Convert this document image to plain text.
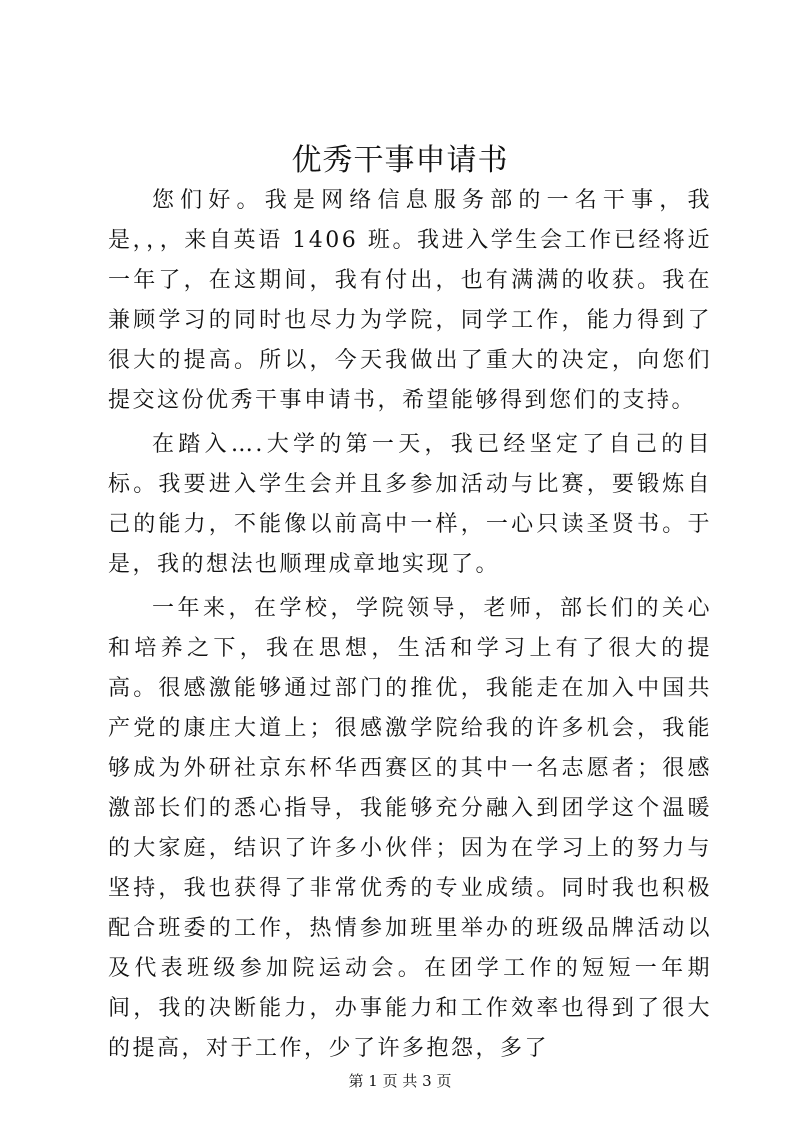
优秀干事申请书

您们好。我是网络信息服务部的一名干事，我是，，，来自英语 1406 班。我进入学生会工作已经将近一年了，在这期间，我有付出，也有满满的收获。我在兼顾学习的同时也尽力为学院，同学工作，能力得到了很大的提高。所以，今天我做出了重大的决定，向您们提交这份优秀干事申请书，希望能够得到您们的支持。

在踏入….大学的第一天，我已经坚定了自己的目标。我要进入学生会并且多参加活动与比赛，要锻炼自己的能力，不能像以前高中一样，一心只读圣贤书。于是，我的想法也顺理成章地实现了。

一年来，在学校，学院领导，老师，部长们的关心和培养之下，我在思想，生活和学习上有了很大的提高。很感激能够通过部门的推优，我能走在加入中国共产党的康庄大道上；很感激学院给我的许多机会，我能够成为外研社京东杯华西赛区的其中一名志愿者；很感激部长们的悉心指导，我能够充分融入到团学这个温暖的大家庭，结识了许多小伙伴；因为在学习上的努力与坚持，我也获得了非常优秀的专业成绩。同时我也积极配合班委的工作，热情参加班里举办的班级品牌活动以及代表班级参加院运动会。在团学工作的短短一年期间，我的决断能力，办事能力和工作效率也得到了很大的提高，对于工作，少了许多抱怨，多了

第 1 页 共 3 页
